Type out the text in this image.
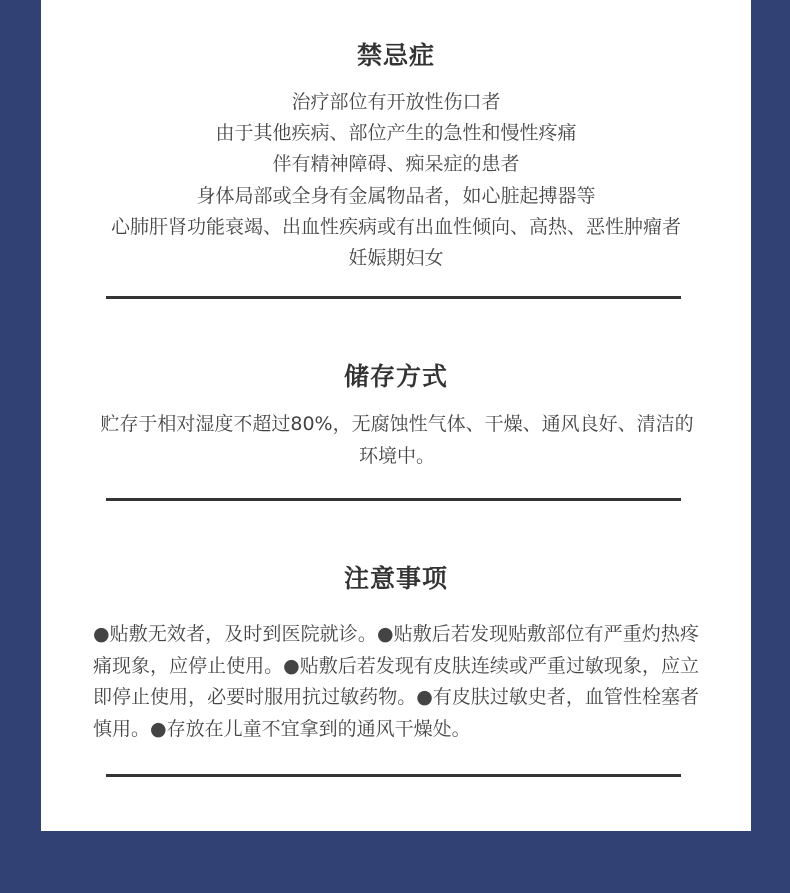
禁忌症
治疗部位有开放性伤口者
由于其他疾病、部位产生的急性和慢性疼痛
伴有精神障碍、痴呆症的患者
身体局部或全身有金属物品者，如心脏起搏器等
心肺肝肾功能衰竭、出血性疾病或有出血性倾向、高热、恶性肿瘤者
妊娠期妇女
储存方式

贮存于相对湿度不超过80%，无腐蚀性气体、干燥、通风良好、清洁的环境中。

注意事项

●贴敷无效者，及时到医院就诊。●贴敷后若发现贴敷部位有严重灼热疼痛现象，应停止使用。●贴敷后若发现有皮肤连续或严重过敏现象，应立即停止使用，必要时服用抗过敏药物。●有皮肤过敏史者，血管性栓塞者慎用。●存放在儿童不宜拿到的通风干燥处。
